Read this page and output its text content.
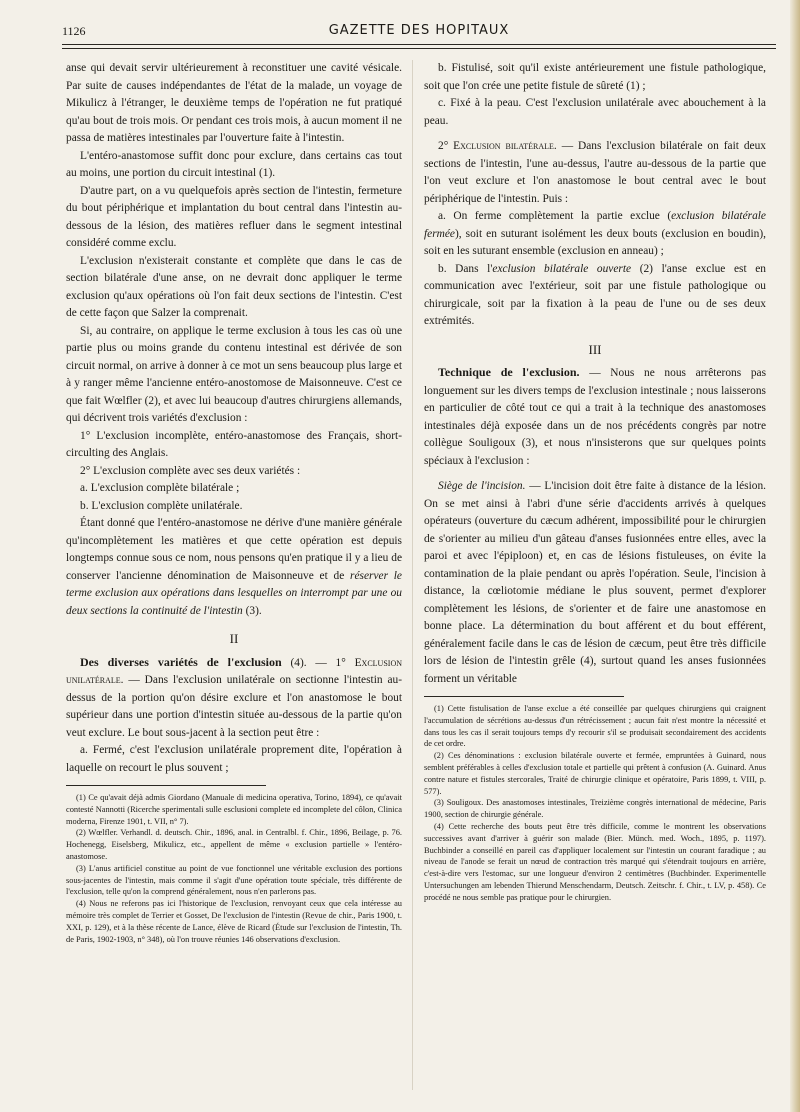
1126	GAZETTE DES HOPITAUX

anse qui devait servir ultérieurement à reconstituer une cavité vésicale. Par suite de causes indépendantes de l'état de la malade, un voyage de Mikulicz à l'étranger, le deuxième temps de l'opération ne fut pratiqué qu'au bout de trois mois. Or pendant ces trois mois, à aucun moment il ne passa de matières intestinales par l'ouverture faite à l'intestin.

L'entéro-anastomose suffit donc pour exclure, dans certains cas tout au moins, une portion du circuit intestinal (1).

D'autre part, on a vu quelquefois après section de l'intestin, fermeture du bout périphérique et implantation du bout central dans l'intestin au-dessous de la lésion, des matières refluer dans le segment intestinal considéré comme exclu.

L'exclusion n'existerait constante et complète que dans le cas de section bilatérale d'une anse, on ne devrait donc appliquer le terme exclusion qu'aux opérations où l'on fait deux sections de l'intestin. C'est de cette façon que Salzer la comprenait.

Si, au contraire, on applique le terme exclusion à tous les cas où une partie plus ou moins grande du contenu intestinal est dérivée de son circuit normal, on arrive à donner à ce mot un sens beaucoup plus large et à y ranger même l'ancienne entéro-anostomose de Maisonneuve. C'est ce que fait Wœlfler (2), et avec lui beaucoup d'autres chirurgiens allemands, qui décrivent trois variétés d'exclusion :

1° L'exclusion incomplète, entéro-anastomose des Français, short-circulting des Anglais.

2° L'exclusion complète avec ses deux variétés :

a. L'exclusion complète bilatérale ;

b. L'exclusion complète unilatérale.

Étant donné que l'entéro-anastomose ne dérive d'une manière générale qu'incomplètement les matières et que cette opération est depuis longtemps connue sous ce nom, nous pensons qu'en pratique il y a lieu de conserver l'ancienne dénomination de Maisonneuve et de réserver le terme exclusion aux opérations dans lesquelles on interrompt par une ou deux sections la continuité de l'intestin (3).

II

Des diverses variétés de l'exclusion (4). — 1° Exclusion unilatérale. — Dans l'exclusion unilatérale on sectionne l'intestin au-dessus de la portion qu'on désire exclure et l'on anastomose le bout supérieur dans une portion d'intestin située au-dessous de la partie qu'on veut exclure. Le bout sous-jacent à la section peut être :

a. Fermé, c'est l'exclusion unilatérale proprement dite, l'opération à laquelle on recourt le plus souvent ;

(1) Ce qu'avait déjà admis Giordano (Manuale di medicina operativa, Torino, 1894), ce qu'avait contesté Nannotti (Ricerche sperimentali sulle esclusioni complete ed incomplete del côlon, Clinica moderna, Firenze 1901, t. VII, n° 7).

(2) Wœlfler. Verhandl. d. deutsch. Chir., 1896, anal. in Centralbl. f. Chir., 1896, Beilage, p. 76. Hochenegg, Eiselsberg, Mikulicz, etc., appellent de même « exclusion partielle » l'entéro-anastomose.

(3) L'anus artificiel constitue au point de vue fonctionnel une véritable exclusion des portions sous-jacentes de l'intestin, mais comme il s'agit d'une opération toute spéciale, très différente de l'exclusion, telle qu'on la comprend généralement, nous n'en parlerons pas.

(4) Nous ne referons pas ici l'historique de l'exclusion, renvoyant ceux que cela intéresse au mémoire très complet de Terrier et Gosset, De l'exclusion de l'intestin (Revue de chir., Paris 1900, t. XXI, p. 129), et à la thèse récente de Lance, élève de Ricard (Étude sur l'exclusion de l'intestin, Th. de Paris, 1902-1903, n° 348), où l'on trouve réunies 146 observations d'exclusion.

b. Fistulisé, soit qu'il existe antérieurement une fistule pathologique, soit que l'on crée une petite fistule de sûreté (1) ;

c. Fixé à la peau. C'est l'exclusion unilatérale avec abouchement à la peau.

2° Exclusion bilatérale. — Dans l'exclusion bilatérale on fait deux sections de l'intestin, l'une au-dessus, l'autre au-dessous de la partie que l'on veut exclure et l'on anastomose le bout central avec le bout périphérique de l'intestin. Puis :

a. On ferme complètement la partie exclue (exclusion bilatérale fermée), soit en suturant isolément les deux bouts (exclusion en boudin), soit en les suturant ensemble (exclusion en anneau) ;

b. Dans l'exclusion bilatérale ouverte (2) l'anse exclue est en communication avec l'extérieur, soit par une fistule pathologique ou chirurgicale, soit par la fixation à la peau de l'une ou de ses deux extrémités.

III

Technique de l'exclusion. — Nous ne nous arrêterons pas longuement sur les divers temps de l'exclusion intestinale ; nous laisserons en particulier de côté tout ce qui a trait à la technique des anastomoses intestinales déjà exposée dans un de nos précédents congrès par notre collègue Souligoux (3), et nous n'insisterons que sur quelques points spéciaux à l'exclusion :

Siège de l'incision. — L'incision doit être faite à distance de la lésion. On se met ainsi à l'abri d'une série d'accidents arrivés à quelques opérateurs (ouverture du cæcum adhérent, impossibilité pour le chirurgien de s'orienter au milieu d'un gâteau d'anses fusionnées entre elles, avec la paroi et avec l'épiploon) et, en cas de lésions fistuleuses, on évite la contamination de la plaie pendant ou après l'opération. Seule, l'incision à distance, la cœliotomie médiane le plus souvent, permet d'explorer complètement les lésions, de s'orienter et de faire une anastomose en bonne place. La détermination du bout afférent et du bout efférent, généralement facile dans le cas de lésion de cæcum, peut être très difficile lors de lésion de l'intestin grêle (4), surtout quand les anses fusionnées forment un véritable

(1) Cette fistulisation de l'anse exclue a été conseillée par quelques chirurgiens qui craignent l'accumulation de sécrétions au-dessus d'un rétrécissement ; aucun fait n'est montre la nécessité et dans tous les cas il serait toujours temps d'y recourir s'il se produisait secondairement des accidents de cet ordre.

(2) Ces dénominations : exclusion bilatérale ouverte et fermée, empruntées à Guinard, nous semblent préférables à celles d'exclusion totale et partielle qui prêtent à confusion (A. Guinard. Anus contre nature et fistules stercorales, Traité de chirurgie clinique et opératoire, Paris 1899, t. VIII, p. 577).

(3) Souligoux. Des anastomoses intestinales, Treizième congrès international de médecine, Paris 1900, section de chirurgie générale.

(4) Cette recherche des bouts peut être très difficile, comme le montrent les observations successives avant d'arriver à guérir son malade (Bier. Münch. med. Woch., 1895, p. 1197). Buchbinder a conseillé en pareil cas d'appliquer localement sur l'intestin un courant faradique ; au niveau de l'anode se ferait un nœud de contraction très marqué qui s'étendrait toujours en arrière, c'est-à-dire vers l'estomac, sur une longueur d'environ 2 centimètres (Buchbinder. Experimentelle Untersuchungen am lebenden Thierund Menschendarm, Deutsch. Zeitschr. f. Chir., t. LV, p. 458). Ce procédé ne nous semble pas pratique pour le chirurgien.
